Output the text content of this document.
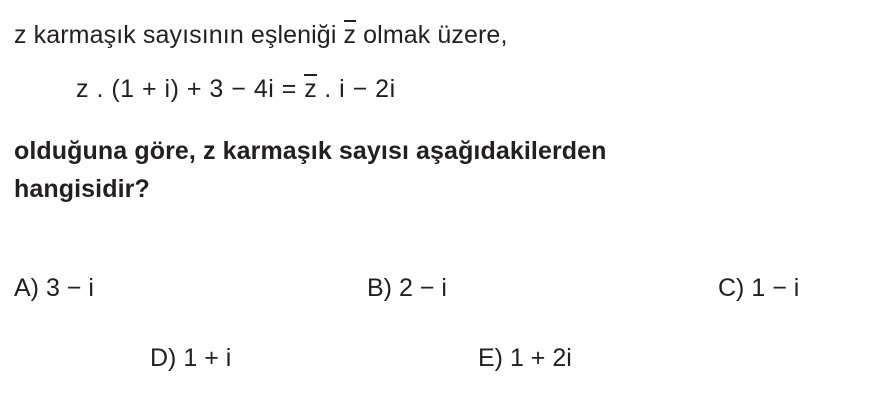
z karmaşık sayısının eşleniği z olmak üzere,
z . (1 + i) + 3 − 4i = z . i − 2i
olduğuna göre, z karmaşık sayısı aşağıdakilerden
hangisidir?
A) 3 − i	B) 2 − i	C) 1 − i
D) 1 + i	E) 1 + 2i
